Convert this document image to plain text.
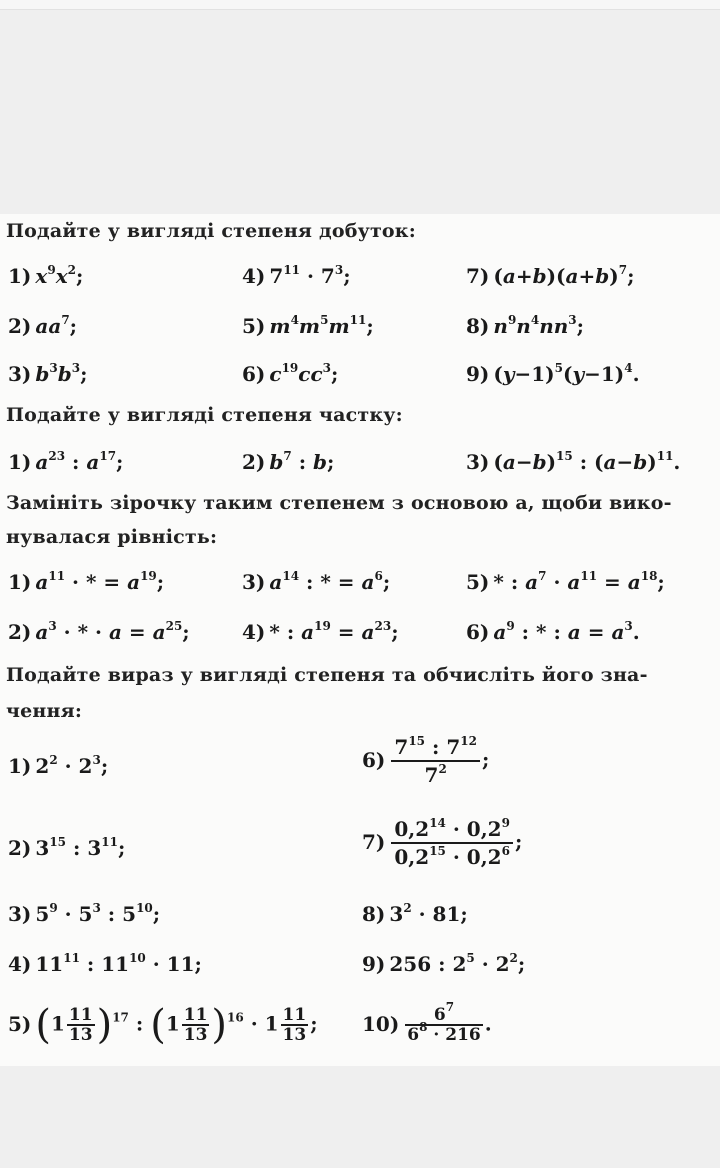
Подайте у вигляді степеня добуток:
1) $x^9x^2$;	4) $7^{11} \cdot 7^3$;	7) $(a+b)(a+b)^7$;
2) $aa^7$;	5) $m^4m^5m^{11}$;	8) $n^9n^4nn^3$;
3) $b^3b^3$;	6) $c^{19}cc^3$;	9) $(y-1)^5(y-1)^4$.
Подайте у вигляді степеня частку:
1) $a^{23}$ : $a^{17}$;	2) $b^7$ : b;	3) $(a-b)^{15}$ : $(a-b)^{11}$.
Замініть зірочку таким степенем з основою a, щоби вико-
нувалася рівність:
1) $a^{11}$ · * = $a^{19}$;	3) $a^{14}$ : * = $a^6$;	5) * : $a^7 \cdot a^{11} = a^{18}$;
2) $a^3$ · * · $a = a^{25}$;	4) * : $a^{19} = a^{23}$;	6) $a^9$ : * : $a = a^3$.
Подайте вираз у вигляді степеня та обчисліть його зна-
чення:
1) $2^2 \cdot 2^3$;	$6) \frac{7^{15} : 7^{12}}{7^2}$ ;
2) $3^{15}$ : $3^{11}$;	$7) \frac{0,2^{14} \cdot 0,2^9}{0,2^{15} \cdot 0,2^6}$ ;
3) $5^9 \cdot 5^3$ : $5^{10}$;	8) $3^2 \cdot 81$;
4) $11^{11}$ : $11^{10} \cdot 11$;	9) 256 : $2^5 \cdot 2^2$;
5) $(1 \frac{11}{13} )^{17}$ : $(1 \frac{11}{13} )^{16} \cdot 1 \frac{11}{13}$ ; $10) \frac{6^7}{6^8 \cdot 216}$ .
